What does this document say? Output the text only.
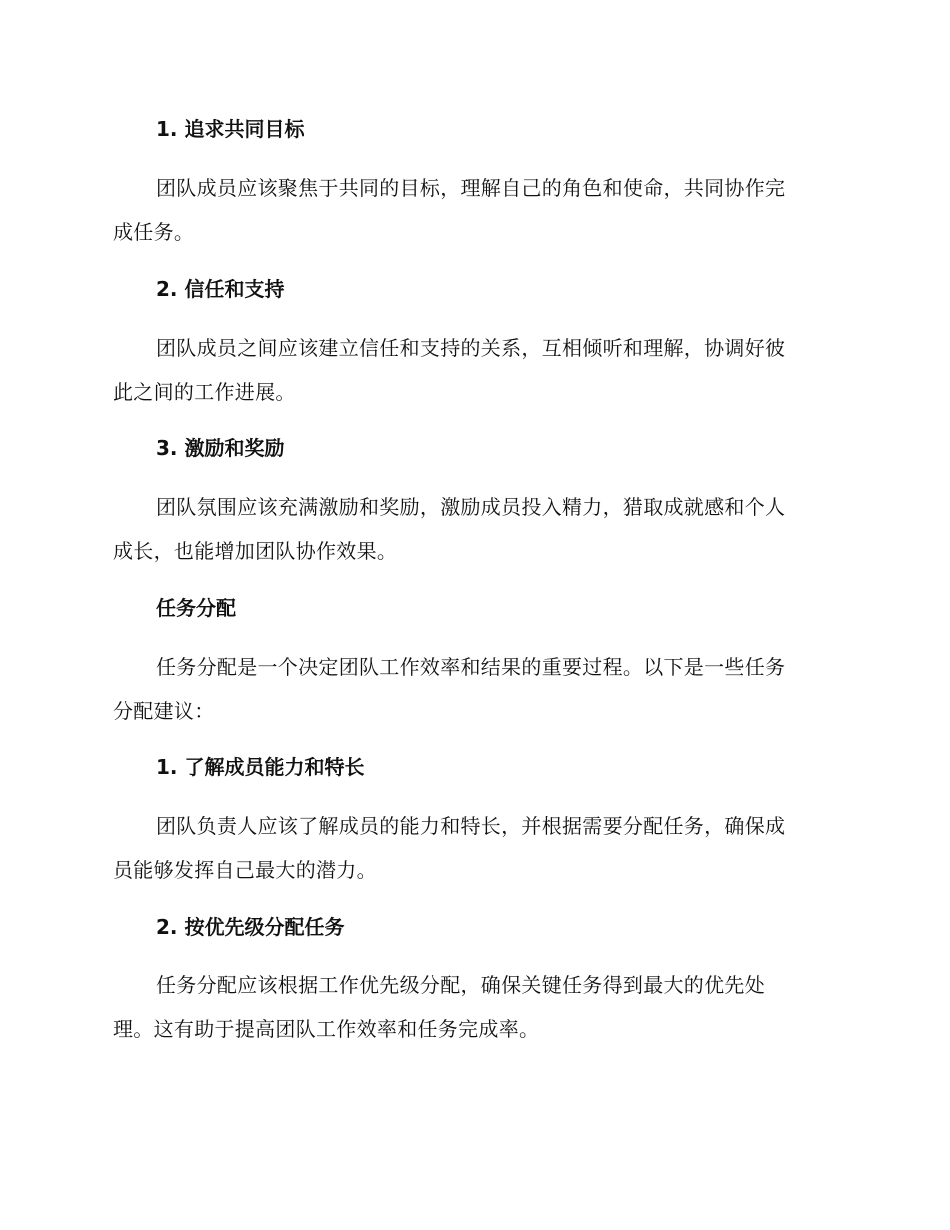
1. 追求共同目标
团队成员应该聚焦于共同的目标，理解自己的角色和使命，共同协作完
成任务。
2. 信任和支持
团队成员之间应该建立信任和支持的关系，互相倾听和理解，协调好彼
此之间的工作进展。
3. 激励和奖励
团队氛围应该充满激励和奖励，激励成员投入精力，猎取成就感和个人
成长，也能增加团队协作效果。
任务分配
任务分配是一个决定团队工作效率和结果的重要过程。以下是一些任务
分配建议：
1. 了解成员能力和特长
团队负责人应该了解成员的能力和特长，并根据需要分配任务，确保成
员能够发挥自己最大的潜力。
2. 按优先级分配任务
任务分配应该根据工作优先级分配，确保关键任务得到最大的优先处
理。这有助于提高团队工作效率和任务完成率。
